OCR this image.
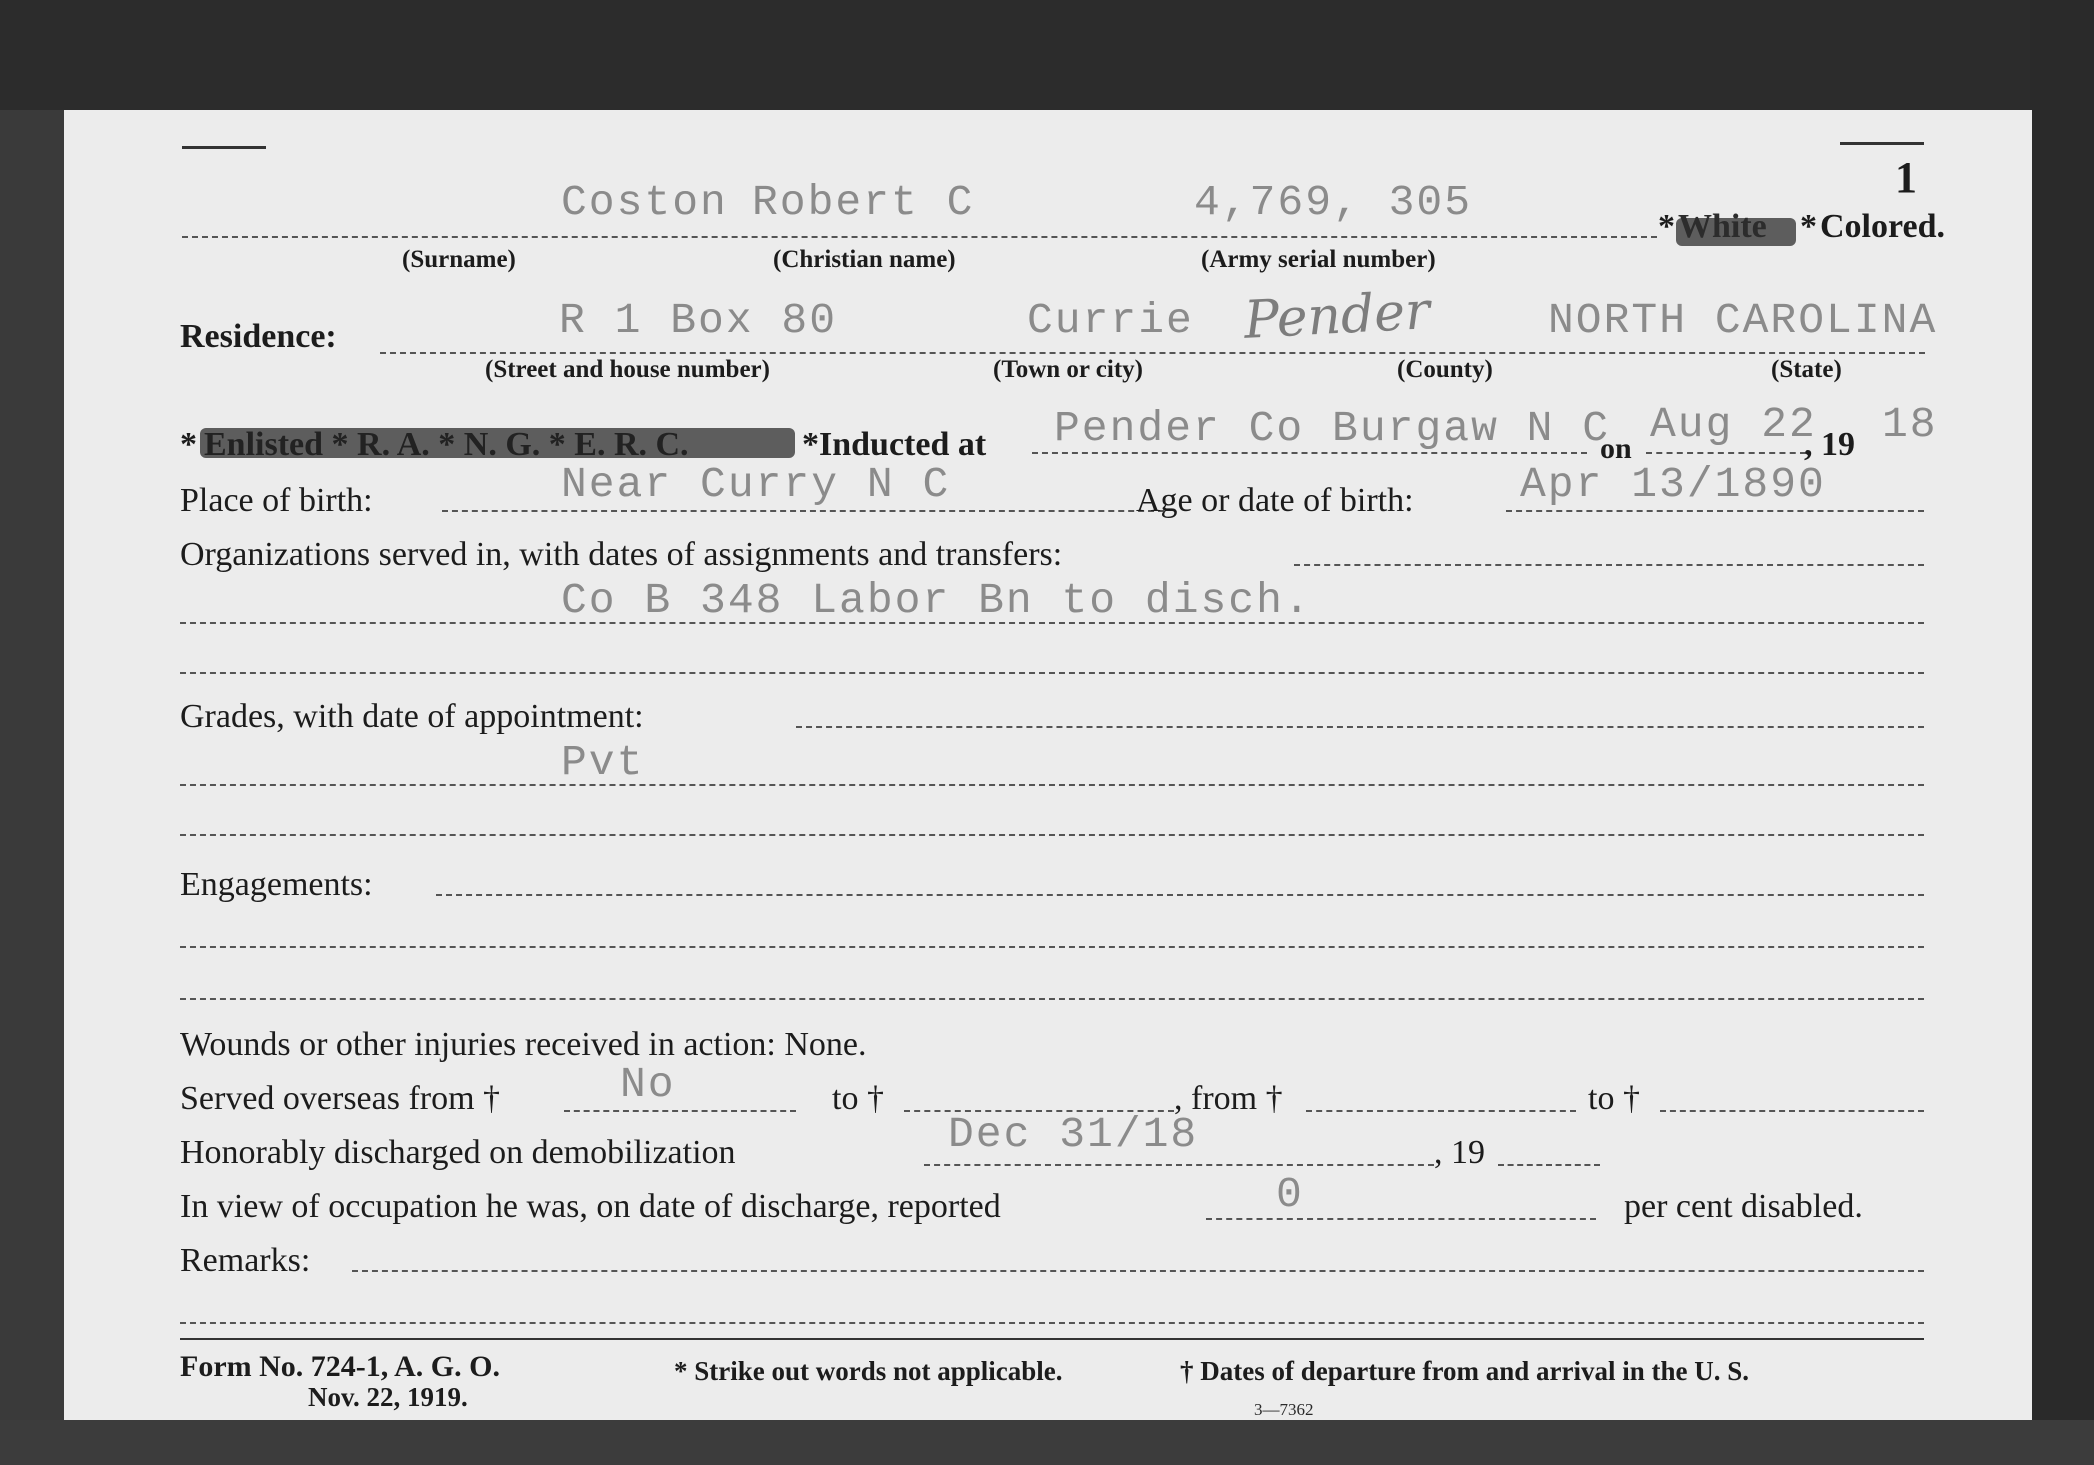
1
Coston Robert C	4,769, 305	* White * Colored.
(Surname)	(Christian name)	(Army serial number)
Residence:	R 1 Box 80	Currie Pender	NORTH CAROLINA
(Street and house number)	(Town or city)	(County)	(State)
* Enlisted * R. A. * N. G. * E. R. C.	*Inducted at Pender Co Burgaw N C
on Aug 22
, 19 18
Place of birth:	Near Curry N C	Age or date of birth: Apr 13/1890
Organizations served in, with dates of assignments and transfers:
Co B 348 Labor Bn to disch.
Grades, with date of appointment:
Pvt
Engagements:
Wounds or other injuries received in action: None.
Served overseas from †	No	to †	, from †	to †
Honorably discharged on demobilization	Dec 31/18	, 19
In view of occupation he was, on date of discharge, reported	0	per cent disabled.
Remarks:
Form No. 724-1, A. G. O.
Nov. 22, 1919.
* Strike out words not applicable.	† Dates of departure from and arrival in the U. S.
3—7362
